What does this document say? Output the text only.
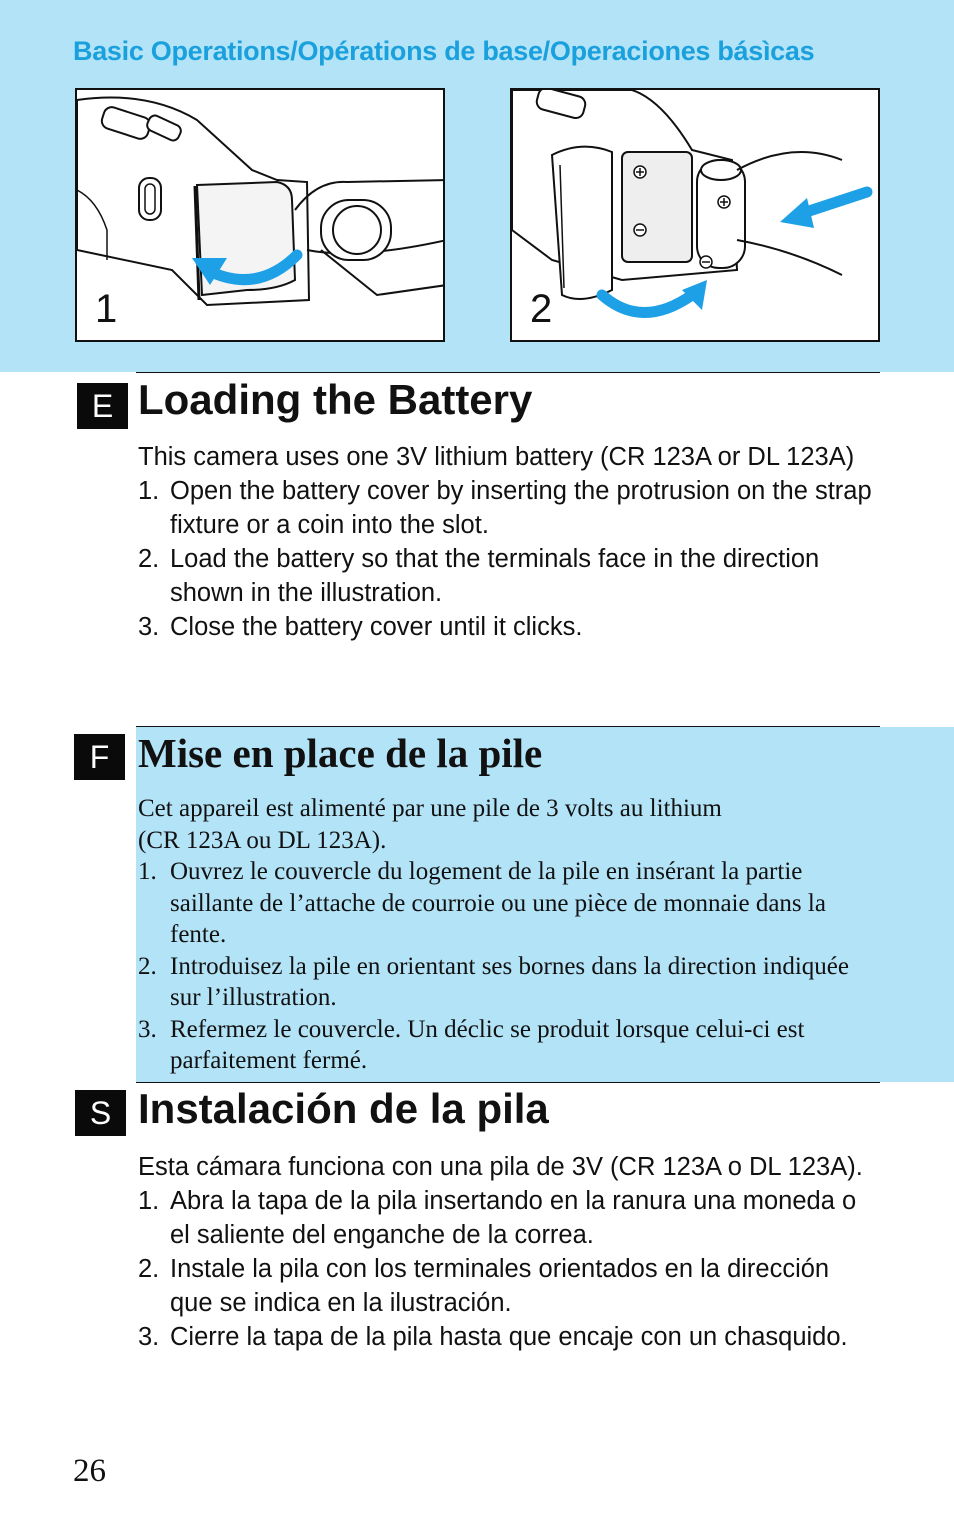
Basic Operations/Opérations de base/Operaciones básìcas
1	2
E Loading the Battery

This camera uses one 3V lithium battery (CR 123A or DL 123A)

1. Open the battery cover by inserting the protrusion on the strap fixture or a coin into the slot.
2. Load the battery so that the terminals face in the direction shown in the illustration.
3. Close the battery cover until it clicks.
F Mise en place de la pile

Cet appareil est alimenté par une pile de 3 volts au lithium (CR 123A ou DL 123A).

1. Ouvrez le couvercle du logement de la pile en insérant la partie saillante de l’attache de courroie ou une pièce de monnaie dans la fente.
2. Introduisez la pile en orientant ses bornes dans la direction indiquée sur l’illustration.
3. Refermez le couvercle. Un déclic se produit lorsque celui-ci est parfaitement fermé.
S Instalación de la pila

Esta cámara funciona con una pila de 3V (CR 123A o DL 123A).

1. Abra la tapa de la pila insertando en la ranura una moneda o el saliente del enganche de la correa.
2. Instale la pila con los terminales orientados en la dirección que se indica en la ilustración.
3. Cierre la tapa de la pila hasta que encaje con un chasquido.
26
